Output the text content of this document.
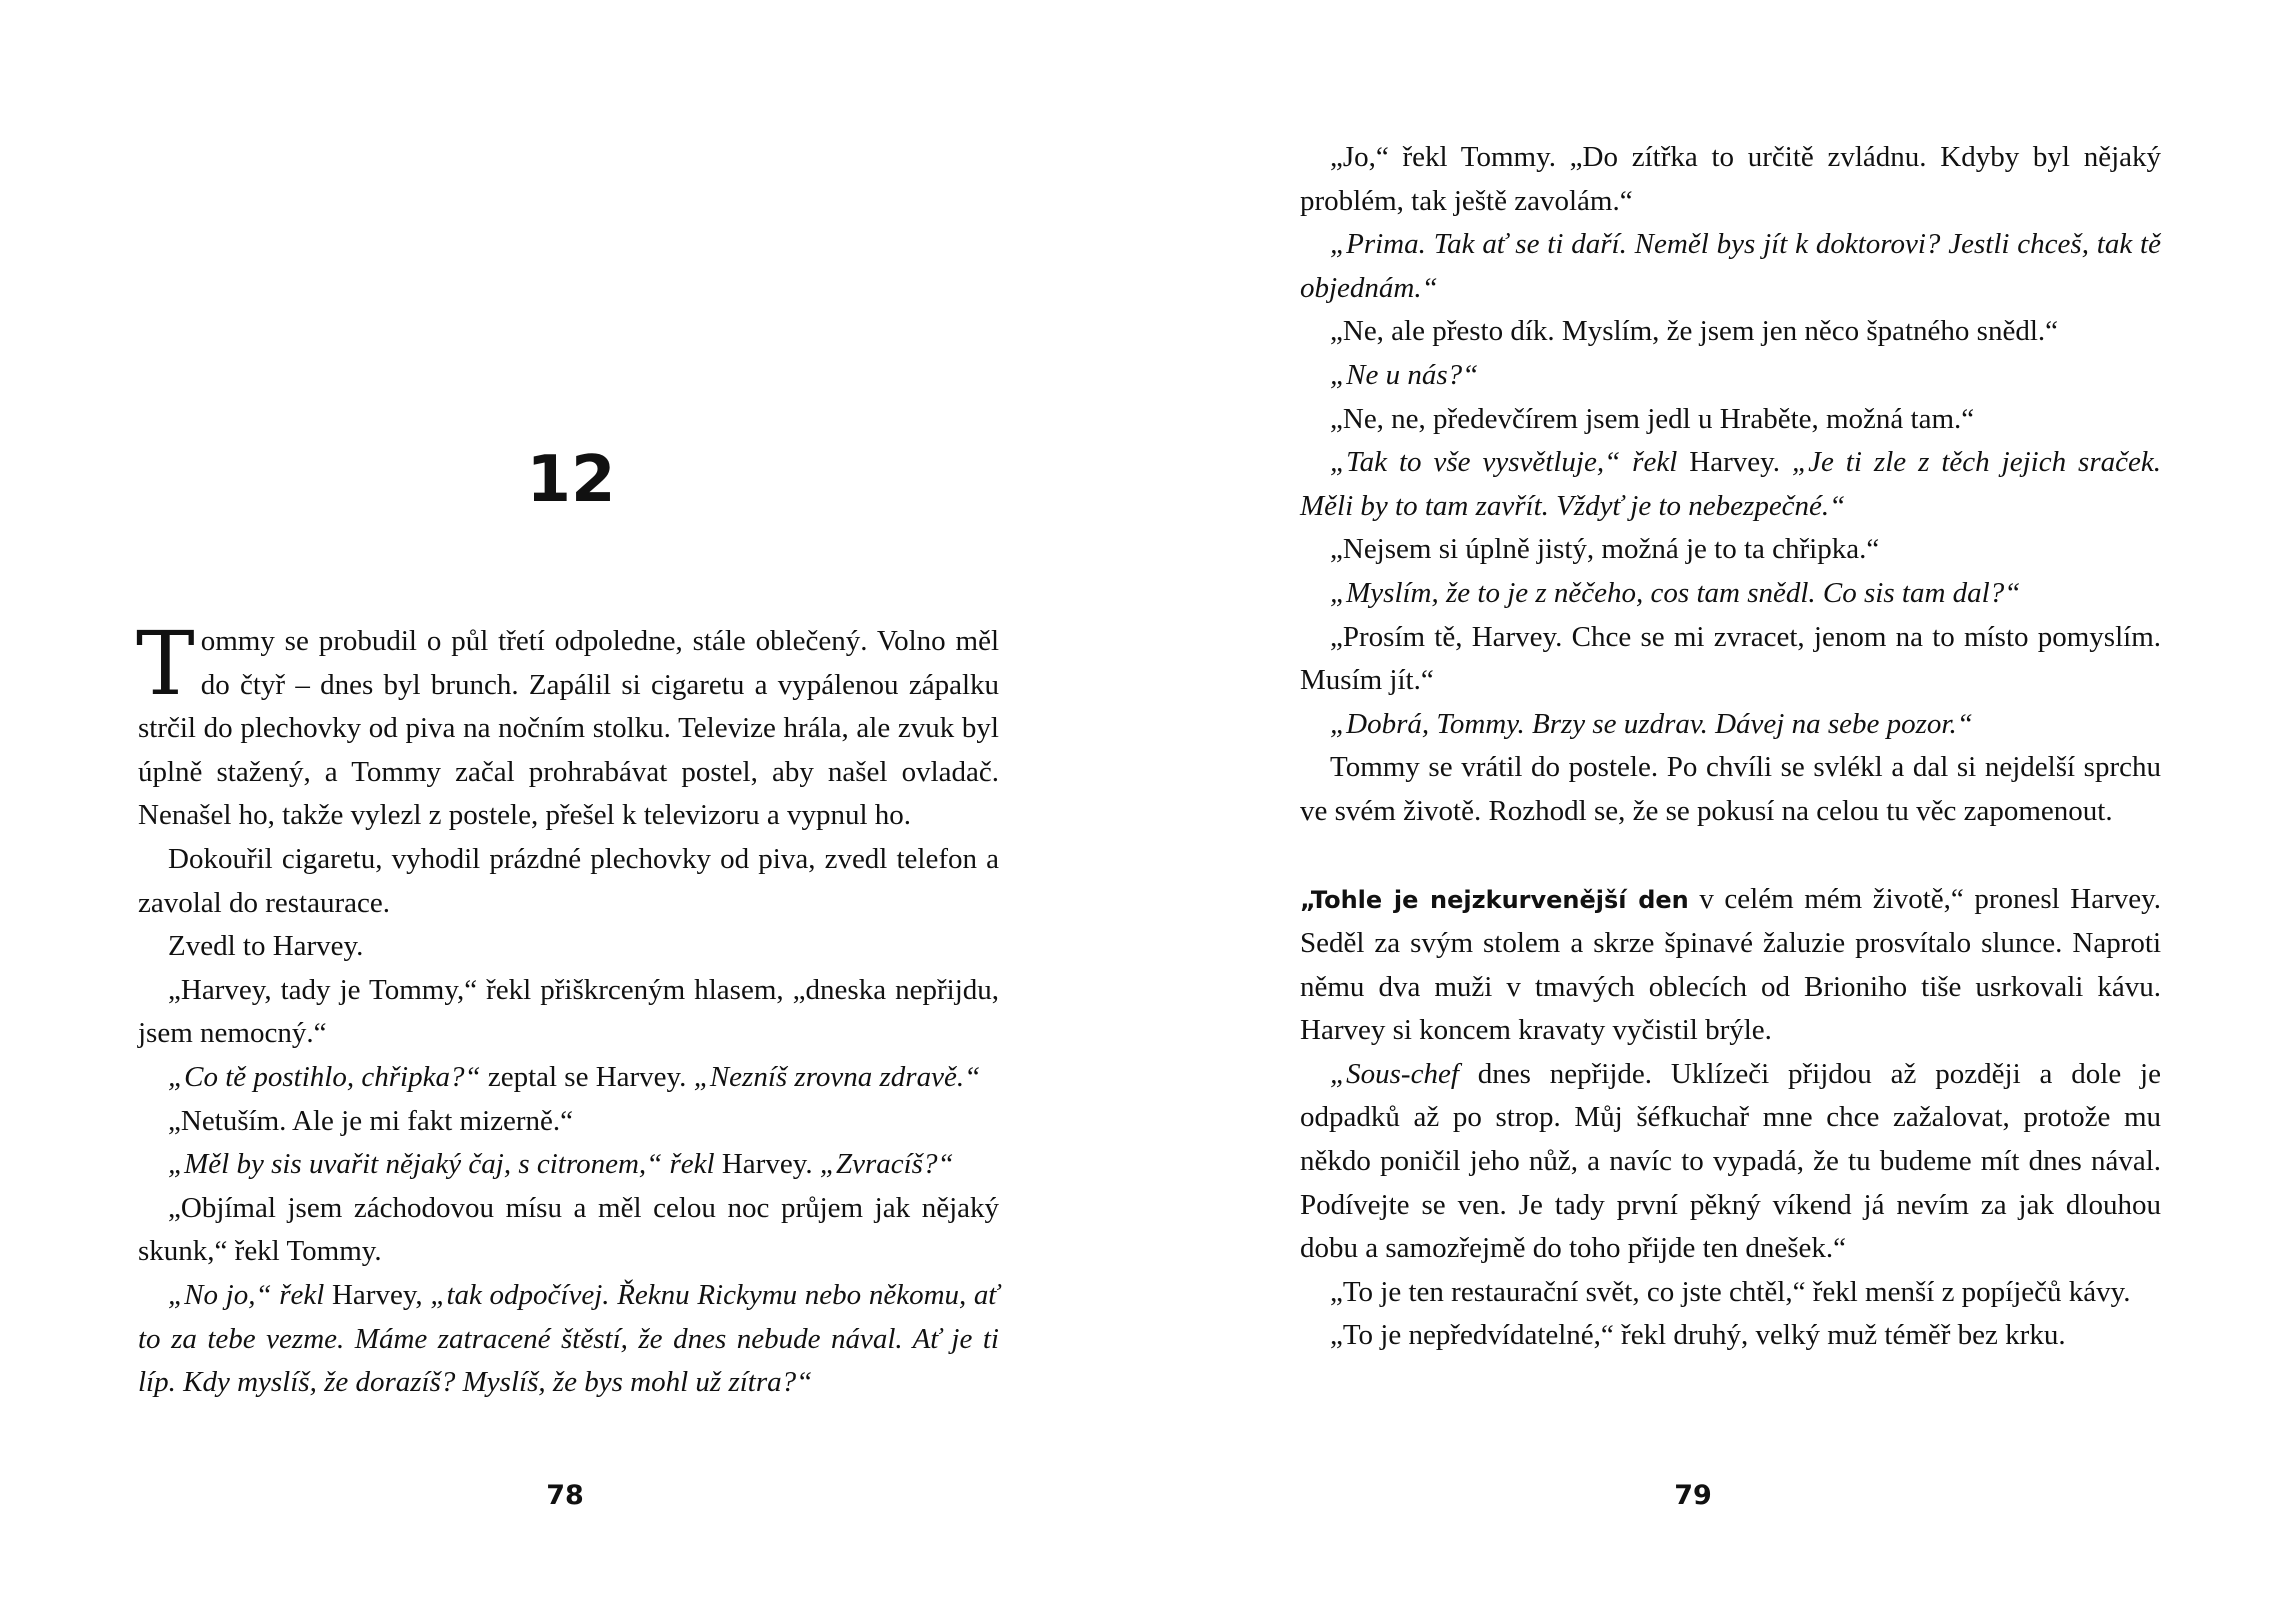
12

Tommy se probudil o půl třetí odpoledne, stále oblečený. Volno měl do čtyř – dnes byl brunch. Zapálil si cigaretu a vypálenou zápalku strčil do plechovky od piva na nočním stolku. Televize hrála, ale zvuk byl úplně stažený, a Tommy začal prohrabávat postel, aby našel ovladač. Nenašel ho, takže vylezl z postele, přešel k televizoru a vypnul ho.

Dokouřil cigaretu, vyhodil prázdné plechovky od piva, zvedl telefon a zavolal do restaurace.

Zvedl to Harvey.

„Harvey, tady je Tommy,“ řekl přiškrceným hlasem, „dneska nepřijdu, jsem nemocný.“

„Co tě postihlo, chřipka?“ zeptal se Harvey. „Nezníš zrovna zdravě.“

„Netuším. Ale je mi fakt mizerně.“

„Měl by sis uvařit nějaký čaj, s citronem,“ řekl Harvey. „Zvracíš?“

„Objímal jsem záchodovou mísu a měl celou noc průjem jak nějaký skunk,“ řekl Tommy.

„No jo,“ řekl Harvey, „tak odpočívej. Řeknu Rickymu nebo někomu, ať to za tebe vezme. Máme zatracené štěstí, že dnes nebude nával. Ať je ti líp. Kdy myslíš, že dorazíš? Myslíš, že bys mohl už zítra?“

78

„Jo,“ řekl Tommy. „Do zítřka to určitě zvládnu. Kdyby byl nějaký problém, tak ještě zavolám.“

„Prima. Tak ať se ti daří. Neměl bys jít k doktorovi? Jestli chceš, tak tě objednám.“

„Ne, ale přesto dík. Myslím, že jsem jen něco špatného snědl.“

„Ne u nás?“

„Ne, ne, předevčírem jsem jedl u Hraběte, možná tam.“

„Tak to vše vysvětluje,“ řekl Harvey. „Je ti zle z těch jejich sraček. Měli by to tam zavřít. Vždyť je to nebezpečné.“

„Nejsem si úplně jistý, možná je to ta chřipka.“

„Myslím, že to je z něčeho, cos tam snědl. Co sis tam dal?“

„Prosím tě, Harvey. Chce se mi zvracet, jenom na to místo pomyslím. Musím jít.“

„Dobrá, Tommy. Brzy se uzdrav. Dávej na sebe pozor.“

Tommy se vrátil do postele. Po chvíli se svlékl a dal si nejdelší sprchu ve svém životě. Rozhodl se, že se pokusí na celou tu věc zapomenout.

„Tohle je nejzkurvenější den v celém mém životě,“ pronesl Harvey. Seděl za svým stolem a skrze špinavé žaluzie prosvítalo slunce. Naproti němu dva muži v tmavých oblecích od Brioniho tiše usrkovali kávu. Harvey si koncem kravaty vyčistil brýle.

„Sous-chef dnes nepřijde. Uklízeči přijdou až později a dole je odpadků až po strop. Můj šéfkuchař mne chce zažalovat, protože mu někdo poničil jeho nůž, a navíc to vypadá, že tu budeme mít dnes nával. Podívejte se ven. Je tady první pěkný víkend já nevím za jak dlouhou dobu a samozřejmě do toho přijde ten dnešek.“

„To je ten restaurační svět, co jste chtěl,“ řekl menší z popíječů kávy.

„To je nepředvídatelné,“ řekl druhý, velký muž téměř bez krku.

79
